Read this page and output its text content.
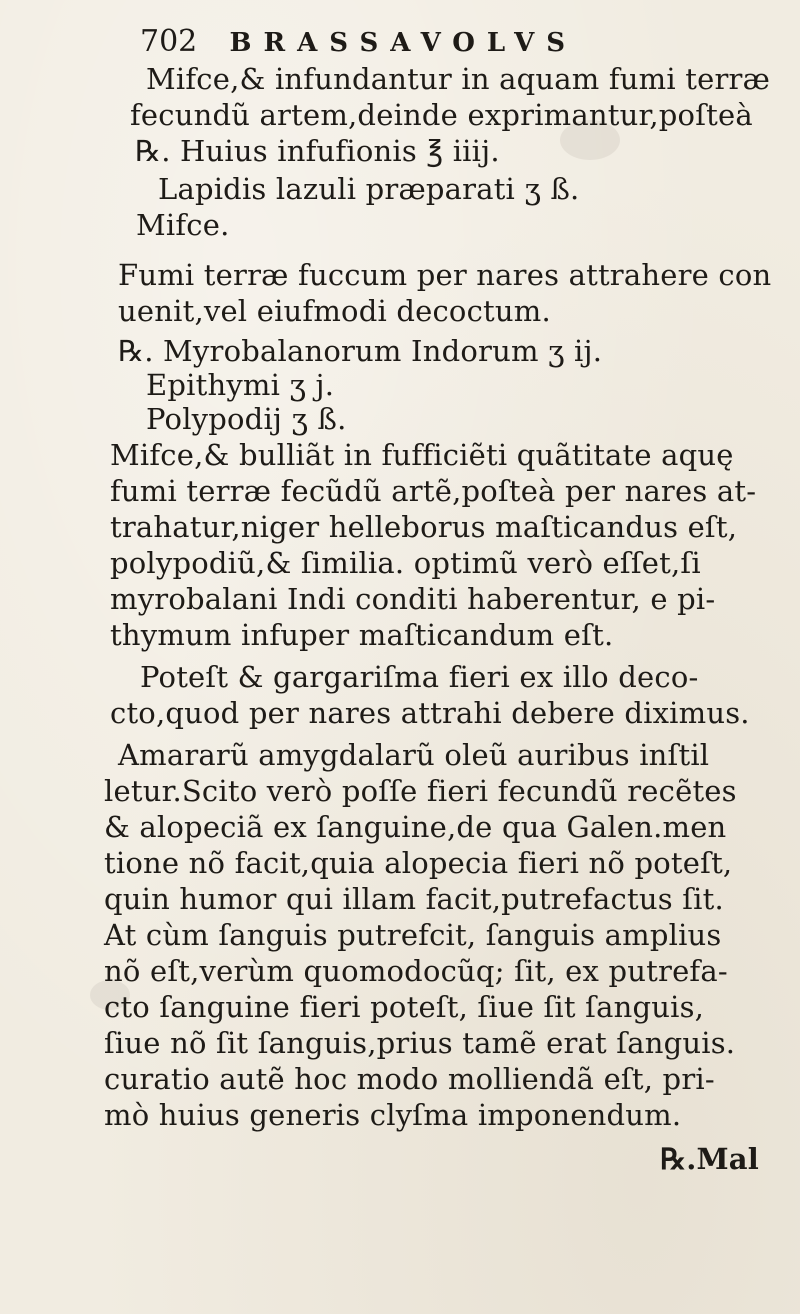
702 BRASSAVOLVS
Mifce,& infundantur in aquam fumi terræ
fecundũ artem,deinde exprimantur,poſteà
℞. Huius infufionis ℥ iiij.
Lapidis lazuli præparati ʒ ß.
Mifce.
Fumi terræ fuccum per nares attrahere con
uenit,vel eiufmodi decoctum.
℞. Myrobalanorum Indorum ʒ ij.
Epithymi ʒ j.
Polypodij ʒ ß.
Mifce,& bulliãt in fufficiẽti quãtitate aquę
fumi terræ fecũdũ artẽ,poſteà per nares at-
trahatur,niger helleborus maſticandus eſt,
polypodiũ,& ſimilia. optimũ verò eſſet,ſi
myrobalani Indi conditi haberentur, e pi-
thymum infuper maſticandum eſt.
Poteſt & gargariſma fieri ex illo deco-
cto,quod per nares attrahi debere diximus.
Amararũ amygdalarũ oleũ auribus inſtil
letur.Scito verò poſſe fieri fecundũ recẽtes
& alopeciã ex ſanguine,de qua Galen.men
tione nõ facit,quia alopecia fieri nõ poteſt,
quin humor qui illam facit,putrefactus ſit.
At cùm ſanguis putrefcit, ſanguis amplius
nõ eſt,verùm quomodocũq; ſit, ex putrefa-
cto ſanguine fieri poteſt, ſiue ſit ſanguis,
ſiue nõ ſit ſanguis,prius tamẽ erat ſanguis.
curatio autẽ hoc modo molliendã eſt, pri-
mò huius generis clyſma imponendum.
℞.Mal
